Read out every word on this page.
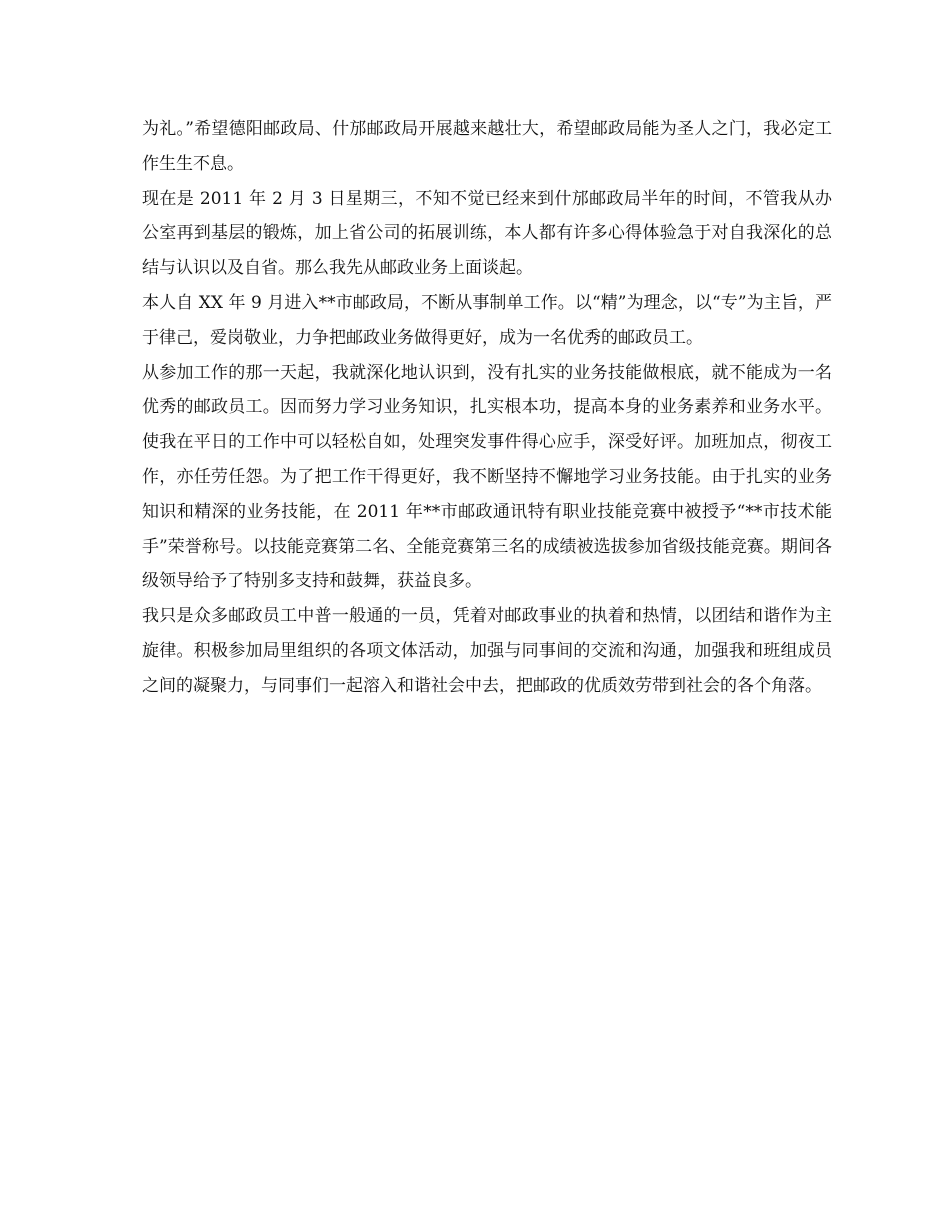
为礼。”希望德阳邮政局、什邡邮政局开展越来越壮大，希望邮政局能为圣人之门，我必定工作生生不息。

现在是 2011 年 2 月 3 日星期三，不知不觉已经来到什邡邮政局半年的时间，不管我从办公室再到基层的锻炼，加上省公司的拓展训练，本人都有许多心得体验急于对自我深化的总结与认识以及自省。那么我先从邮政业务上面谈起。

本人自 XX 年 9 月进入**市邮政局，不断从事制单工作。以“精”为理念，以“专”为主旨，严于律己，爱岗敬业，力争把邮政业务做得更好，成为一名优秀的邮政员工。

从参加工作的那一天起，我就深化地认识到，没有扎实的业务技能做根底，就不能成为一名优秀的邮政员工。因而努力学习业务知识，扎实根本功，提高本身的业务素养和业务水平。使我在平日的工作中可以轻松自如，处理突发事件得心应手，深受好评。加班加点，彻夜工作，亦任劳任怨。为了把工作干得更好，我不断坚持不懈地学习业务技能。由于扎实的业务知识和精深的业务技能，在 2011 年**市邮政通讯特有职业技能竞赛中被授予“**市技术能手”荣誉称号。以技能竞赛第二名、全能竞赛第三名的成绩被选拔参加省级技能竞赛。期间各级领导给予了特别多支持和鼓舞，获益良多。

我只是众多邮政员工中普一般通的一员，凭着对邮政事业的执着和热情，以团结和谐作为主旋律。积极参加局里组织的各项文体活动，加强与同事间的交流和沟通，加强我和班组成员之间的凝聚力，与同事们一起溶入和谐社会中去，把邮政的优质效劳带到社会的各个角落。
